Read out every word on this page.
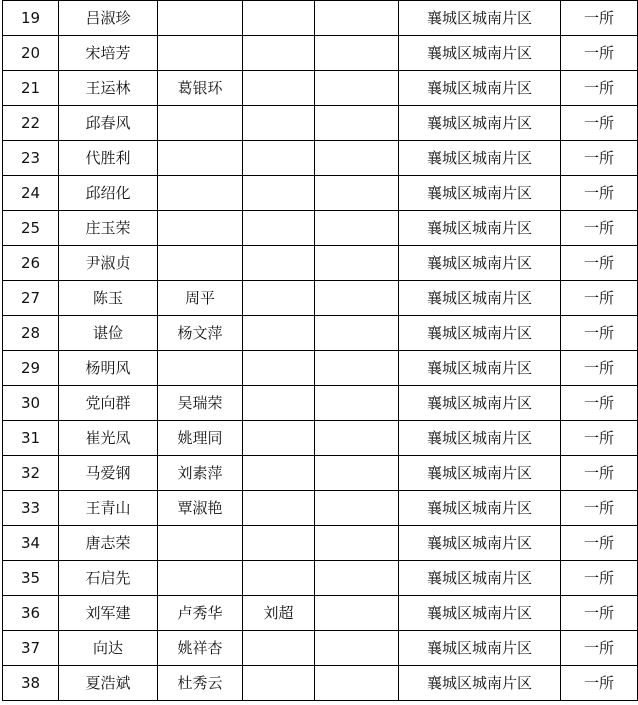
19	吕淑珍				襄城区城南片区	一所
20	宋培芳				襄城区城南片区	一所
21	王运林	葛银环			襄城区城南片区	一所
22	邱春风				襄城区城南片区	一所
23	代胜利				襄城区城南片区	一所
24	邱绍化				襄城区城南片区	一所
25	庄玉荣				襄城区城南片区	一所
26	尹淑贞				襄城区城南片区	一所
27	陈玉	周平			襄城区城南片区	一所
28	谌俭	杨文萍			襄城区城南片区	一所
29	杨明风				襄城区城南片区	一所
30	党向群	吴瑞荣			襄城区城南片区	一所
31	崔光凤	姚理同			襄城区城南片区	一所
32	马爱钢	刘素萍			襄城区城南片区	一所
33	王青山	覃淑艳			襄城区城南片区	一所
34	唐志荣				襄城区城南片区	一所
35	石启先				襄城区城南片区	一所
36	刘军建	卢秀华	刘超		襄城区城南片区	一所
37	向达	姚祥杏			襄城区城南片区	一所
38	夏浩斌	杜秀云			襄城区城南片区	一所
